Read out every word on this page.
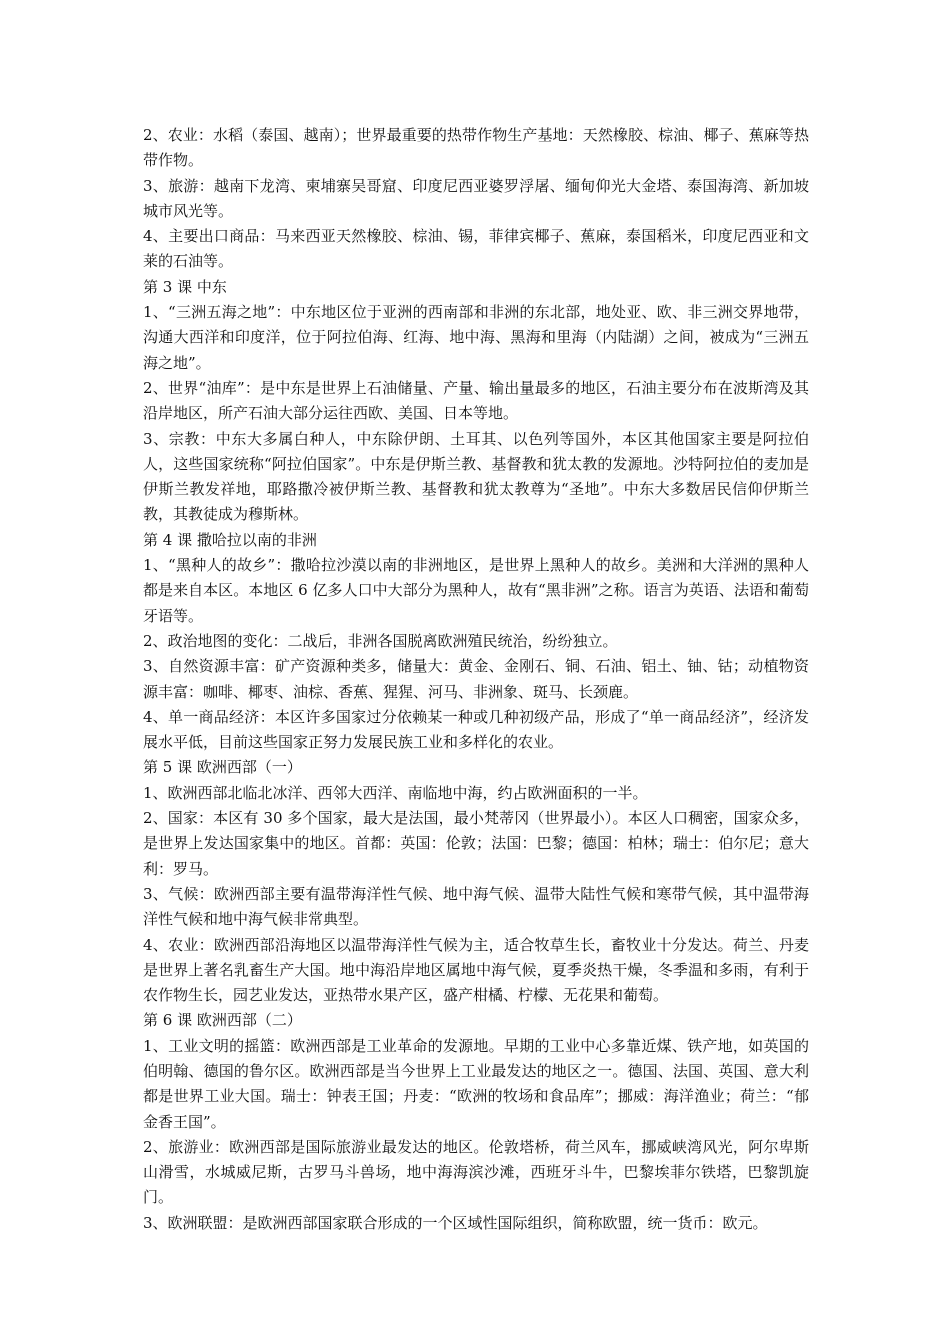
2、农业：水稻（泰国、越南）；世界最重要的热带作物生产基地：天然橡胶、棕油、椰子、蕉麻等热带作物。

3、旅游：越南下龙湾、柬埔寨吴哥窟、印度尼西亚婆罗浮屠、缅甸仰光大金塔、泰国海湾、新加坡城市风光等。

4、主要出口商品：马来西亚天然橡胶、棕油、锡，菲律宾椰子、蕉麻，泰国稻米，印度尼西亚和文莱的石油等。

第 3 课 中东

1、“三洲五海之地”：中东地区位于亚洲的西南部和非洲的东北部，地处亚、欧、非三洲交界地带，沟通大西洋和印度洋，位于阿拉伯海、红海、地中海、黑海和里海（内陆湖）之间，被成为“三洲五海之地”。

2、世界“油库”：是中东是世界上石油储量、产量、输出量最多的地区，石油主要分布在波斯湾及其沿岸地区，所产石油大部分运往西欧、美国、日本等地。

3、宗教：中东大多属白种人，中东除伊朗、土耳其、以色列等国外，本区其他国家主要是阿拉伯人，这些国家统称“阿拉伯国家”。中东是伊斯兰教、基督教和犹太教的发源地。沙特阿拉伯的麦加是伊斯兰教发祥地，耶路撒冷被伊斯兰教、基督教和犹太教尊为“圣地”。中东大多数居民信仰伊斯兰教，其教徒成为穆斯林。

第 4 课 撒哈拉以南的非洲

1、“黑种人的故乡”：撒哈拉沙漠以南的非洲地区，是世界上黑种人的故乡。美洲和大洋洲的黑种人都是来自本区。本地区 6 亿多人口中大部分为黑种人，故有“黑非洲”之称。语言为英语、法语和葡萄牙语等。

2、政治地图的变化：二战后，非洲各国脱离欧洲殖民统治，纷纷独立。

3、自然资源丰富：矿产资源种类多，储量大：黄金、金刚石、铜、石油、铝土、铀、钴；动植物资源丰富：咖啡、椰枣、油棕、香蕉、猩猩、河马、非洲象、斑马、长颈鹿。

4、单一商品经济：本区许多国家过分依赖某一种或几种初级产品，形成了“单一商品经济”，经济发展水平低，目前这些国家正努力发展民族工业和多样化的农业。

第 5 课 欧洲西部（一）

1、欧洲西部北临北冰洋、西邻大西洋、南临地中海，约占欧洲面积的一半。

2、国家：本区有 30 多个国家，最大是法国，最小梵蒂冈（世界最小）。本区人口稠密，国家众多，是世界上发达国家集中的地区。首都：英国：伦敦；法国：巴黎；德国：柏林；瑞士：伯尔尼；意大利：罗马。

3、气候：欧洲西部主要有温带海洋性气候、地中海气候、温带大陆性气候和寒带气候，其中温带海洋性气候和地中海气候非常典型。

4、农业：欧洲西部沿海地区以温带海洋性气候为主，适合牧草生长，畜牧业十分发达。荷兰、丹麦是世界上著名乳畜生产大国。地中海沿岸地区属地中海气候，夏季炎热干燥，冬季温和多雨，有利于农作物生长，园艺业发达，亚热带水果产区，盛产柑橘、柠檬、无花果和葡萄。

第 6 课 欧洲西部（二）

1、工业文明的摇篮：欧洲西部是工业革命的发源地。早期的工业中心多靠近煤、铁产地，如英国的伯明翰、德国的鲁尔区。欧洲西部是当今世界上工业最发达的地区之一。德国、法国、英国、意大利都是世界工业大国。瑞士：钟表王国；丹麦：“欧洲的牧场和食品库”；挪威：海洋渔业；荷兰：“郁金香王国”。

2、旅游业：欧洲西部是国际旅游业最发达的地区。伦敦塔桥，荷兰风车，挪威峡湾风光，阿尔卑斯山滑雪，水城威尼斯，古罗马斗兽场，地中海海滨沙滩，西班牙斗牛，巴黎埃菲尔铁塔，巴黎凯旋门。

3、欧洲联盟：是欧洲西部国家联合形成的一个区域性国际组织，简称欧盟，统一货币：欧元。
